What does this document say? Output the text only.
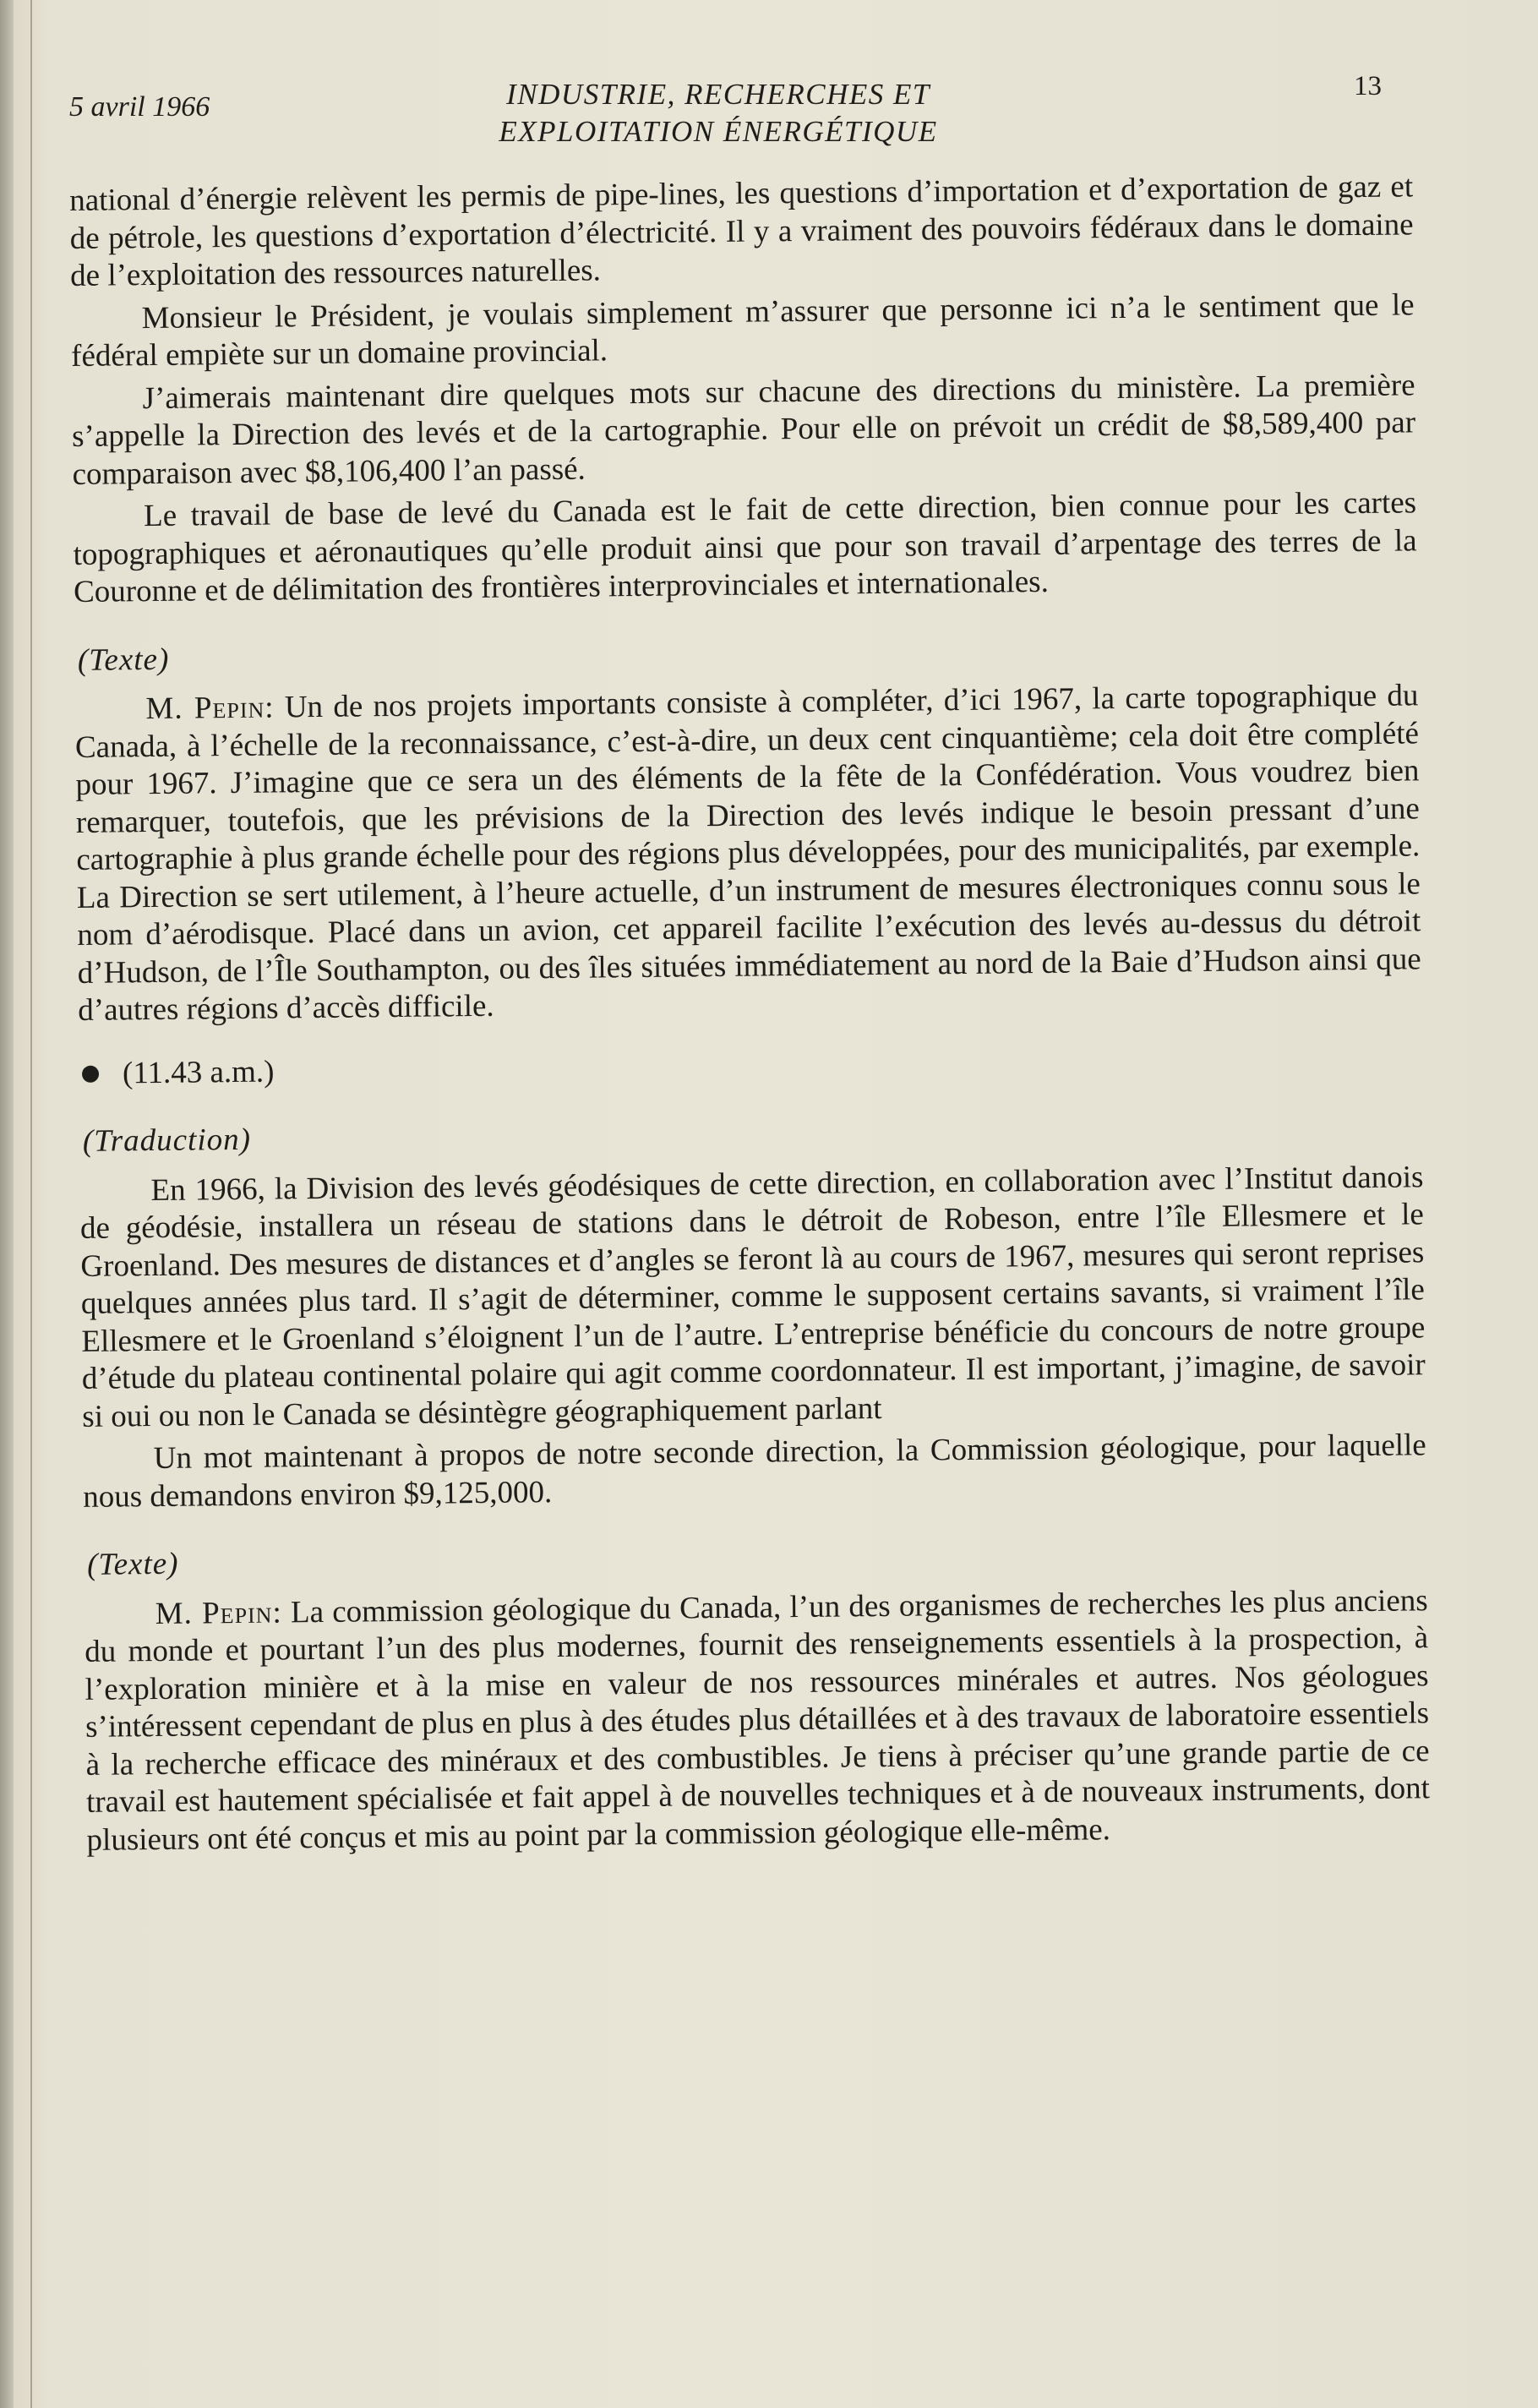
5 avril 1966	INDUSTRIE, RECHERCHES ET
EXPLOITATION ÉNERGÉTIQUE
13

national d’énergie relèvent les permis de pipe-lines, les questions d’importation et d’exportation de gaz et de pétrole, les questions d’exportation d’électricité. Il y a vraiment des pouvoirs fédéraux dans le domaine de l’exploitation des ressources naturelles.

Monsieur le Président, je voulais simplement m’assurer que personne ici n’a le sentiment que le fédéral empiète sur un domaine provincial.

J’aimerais maintenant dire quelques mots sur chacune des directions du ministère. La première s’appelle la Direction des levés et de la cartographie. Pour elle on prévoit un crédit de $8,589,400 par comparaison avec $8,106,400 l’an passé.

Le travail de base de levé du Canada est le fait de cette direction, bien connue pour les cartes topographiques et aéronautiques qu’elle produit ainsi que pour son travail d’arpentage des terres de la Couronne et de délimitation des frontières interprovinciales et internationales.

(Texte)

M. Pepin: Un de nos projets importants consiste à compléter, d’ici 1967, la carte topographique du Canada, à l’échelle de la reconnaissance, c’est-à-dire, un deux cent cinquantième; cela doit être complété pour 1967. J’imagine que ce sera un des éléments de la fête de la Confédération. Vous voudrez bien remarquer, toutefois, que les prévisions de la Direction des levés indique le besoin pressant d’une cartographie à plus grande échelle pour des régions plus développées, pour des municipalités, par exemple. La Direction se sert utilement, à l’heure actuelle, d’un instrument de mesures électroniques connu sous le nom d’aérodisque. Placé dans un avion, cet appareil facilite l’exécution des levés au-dessus du détroit d’Hudson, de l’Île Southampton, ou des îles situées immédiatement au nord de la Baie d’Hudson ainsi que d’autres régions d’accès difficile.

(11.43 a.m.)
(Traduction)

En 1966, la Division des levés géodésiques de cette direction, en collaboration avec l’Institut danois de géodésie, installera un réseau de stations dans le détroit de Robeson, entre l’île Ellesmere et le Groenland. Des mesures de distances et d’angles se feront là au cours de 1967, mesures qui seront reprises quelques années plus tard. Il s’agit de déterminer, comme le supposent certains savants, si vraiment l’île Ellesmere et le Groenland s’éloignent l’un de l’autre. L’entreprise bénéficie du concours de notre groupe d’étude du plateau continental polaire qui agit comme coordonnateur. Il est important, j’imagine, de savoir si oui ou non le Canada se désintègre géographiquement parlant

Un mot maintenant à propos de notre seconde direction, la Commission géologique, pour laquelle nous demandons environ $9,125,000.

(Texte)

M. Pepin: La commission géologique du Canada, l’un des organismes de recherches les plus anciens du monde et pourtant l’un des plus modernes, fournit des renseignements essentiels à la prospection, à l’exploration minière et à la mise en valeur de nos ressources minérales et autres. Nos géologues s’intéressent cependant de plus en plus à des études plus détaillées et à des travaux de laboratoire essentiels à la recherche efficace des minéraux et des combustibles. Je tiens à préciser qu’une grande partie de ce travail est hautement spécialisée et fait appel à de nouvelles techniques et à de nouveaux instruments, dont plusieurs ont été conçus et mis au point par la commission géologique elle-même.
